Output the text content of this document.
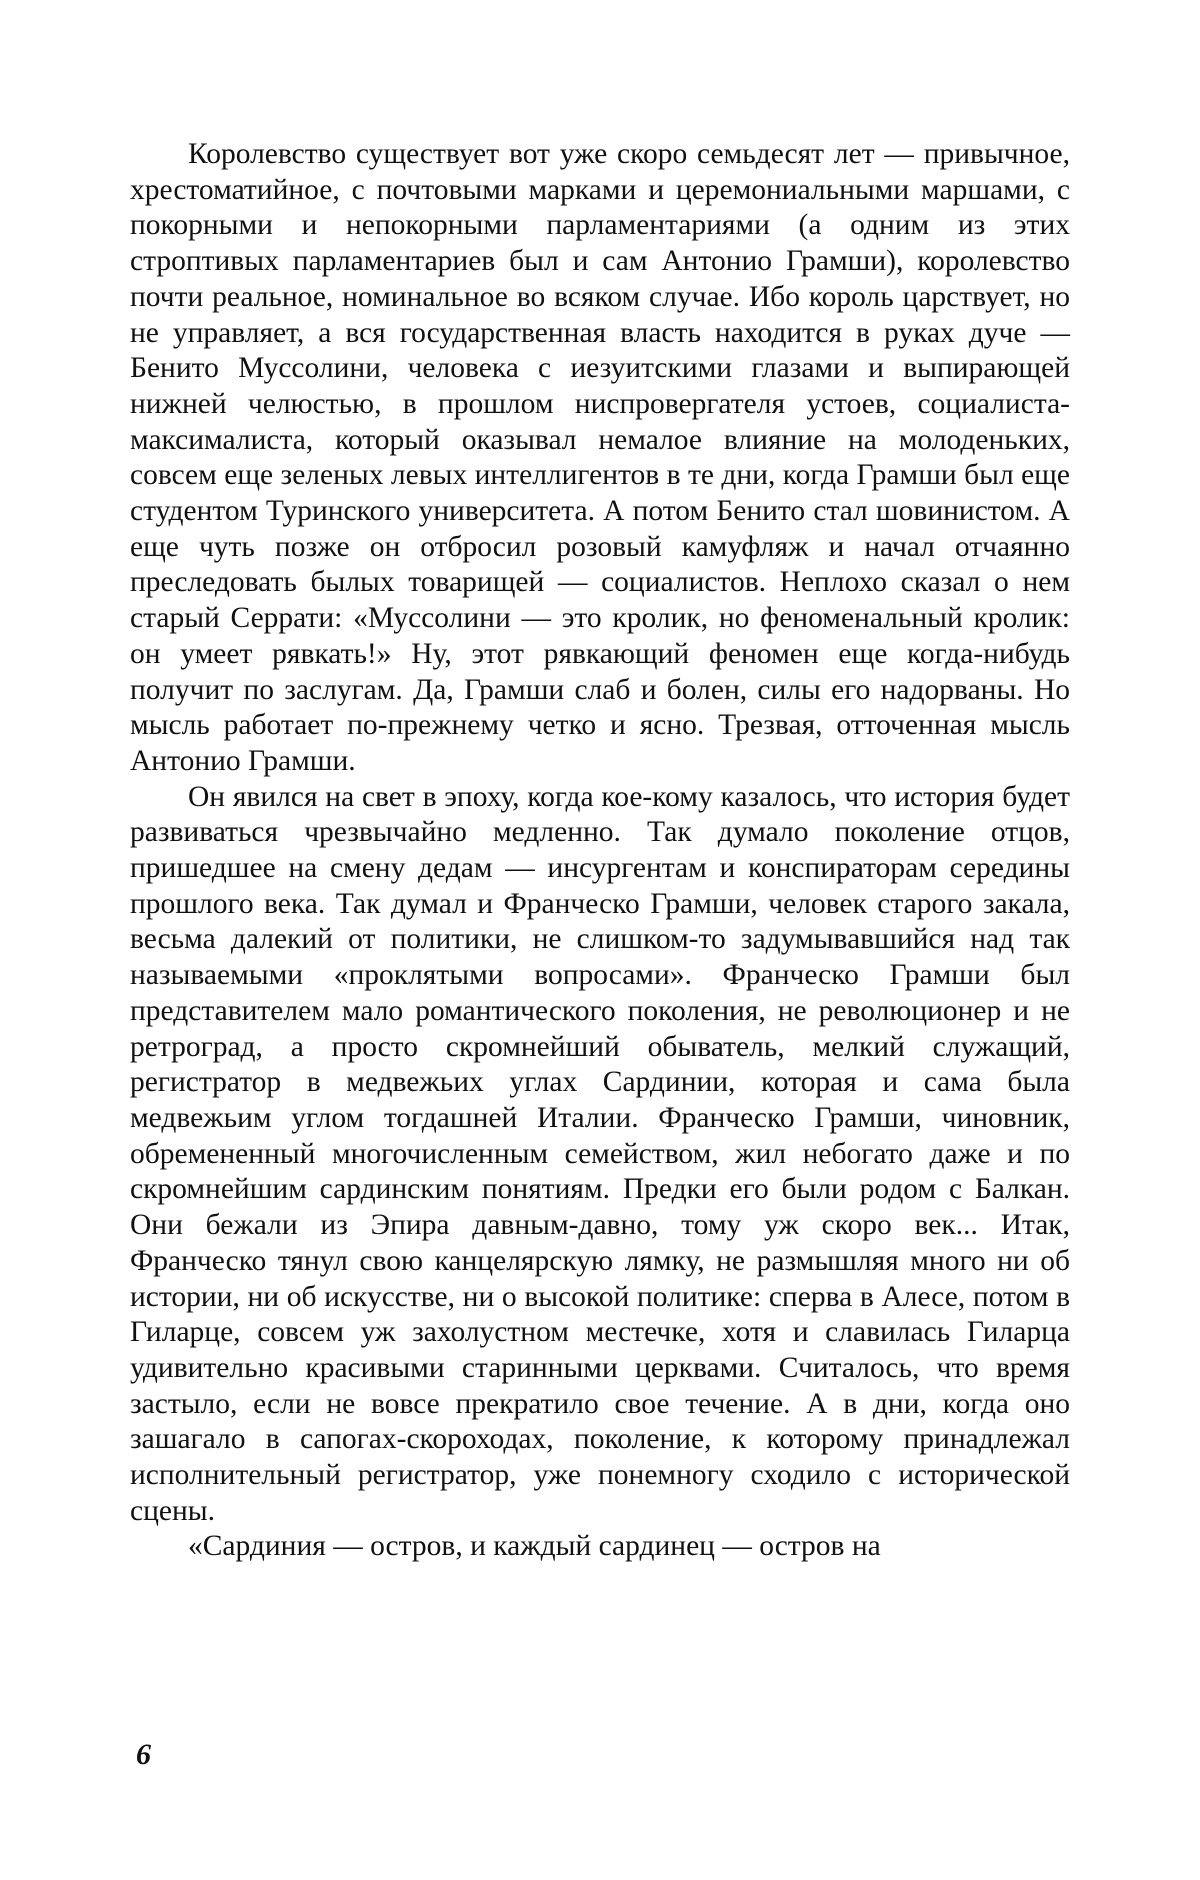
Королевство существует вот уже скоро семьдесят лет — привычное, хрестоматийное, с почтовыми марками и церемониальными маршами, с покорными и непокорными парламентариями (а одним из этих строптивых парламентариев был и сам Антонио Грамши), королевство почти реальное, номинальное во всяком случае. Ибо король царствует, но не управляет, а вся государственная власть находится в руках дуче — Бенито Муссолини, человека с иезуитскими глазами и выпирающей нижней челюстью, в прошлом ниспровергателя устоев, социалиста-максималиста, который оказывал немалое влияние на молоденьких, совсем еще зеленых левых интеллигентов в те дни, когда Грамши был еще студентом Туринского университета. А потом Бенито стал шовинистом. А еще чуть позже он отбросил розовый камуфляж и начал отчаянно преследовать былых товарищей — социалистов. Неплохо сказал о нем старый Серрати: «Муссолини — это кролик, но феноменальный кролик: он умеет рявкать!» Ну, этот рявкающий феномен еще когда-нибудь получит по заслугам. Да, Грамши слаб и болен, силы его надорваны. Но мысль работает по-прежнему четко и ясно. Трезвая, отточенная мысль Антонио Грамши.

Он явился на свет в эпоху, когда кое-кому казалось, что история будет развиваться чрезвычайно медленно. Так думало поколение отцов, пришедшее на смену дедам — инсургентам и конспираторам середины прошлого века. Так думал и Франческо Грамши, человек старого закала, весьма далекий от политики, не слишком-то задумывавшийся над так называемыми «проклятыми вопросами». Франческо Грамши был представителем мало романтического поколения, не революционер и не ретроград, а просто скромнейший обыватель, мелкий служащий, регистратор в медвежьих углах Сардинии, которая и сама была медвежьим углом тогдашней Италии. Франческо Грамши, чиновник, обремененный многочисленным семейством, жил небогато даже и по скромнейшим сардинским понятиям. Предки его были родом с Балкан. Они бежали из Эпира давным-давно, тому уж скоро век... Итак, Франческо тянул свою канцелярскую лямку, не размышляя много ни об истории, ни об искусстве, ни о высокой политике: сперва в Алесе, потом в Гиларце, совсем уж захолустном местечке, хотя и славилась Гиларца удивительно красивыми старинными церквами. Считалось, что время застыло, если не вовсе прекратило свое течение. А в дни, когда оно зашагало в сапогах-скороходах, поколение, к которому принадлежал исполнительный регистратор, уже понемногу сходило с исторической сцены.

«Сардиния — остров, и каждый сардинец — остров на

6
